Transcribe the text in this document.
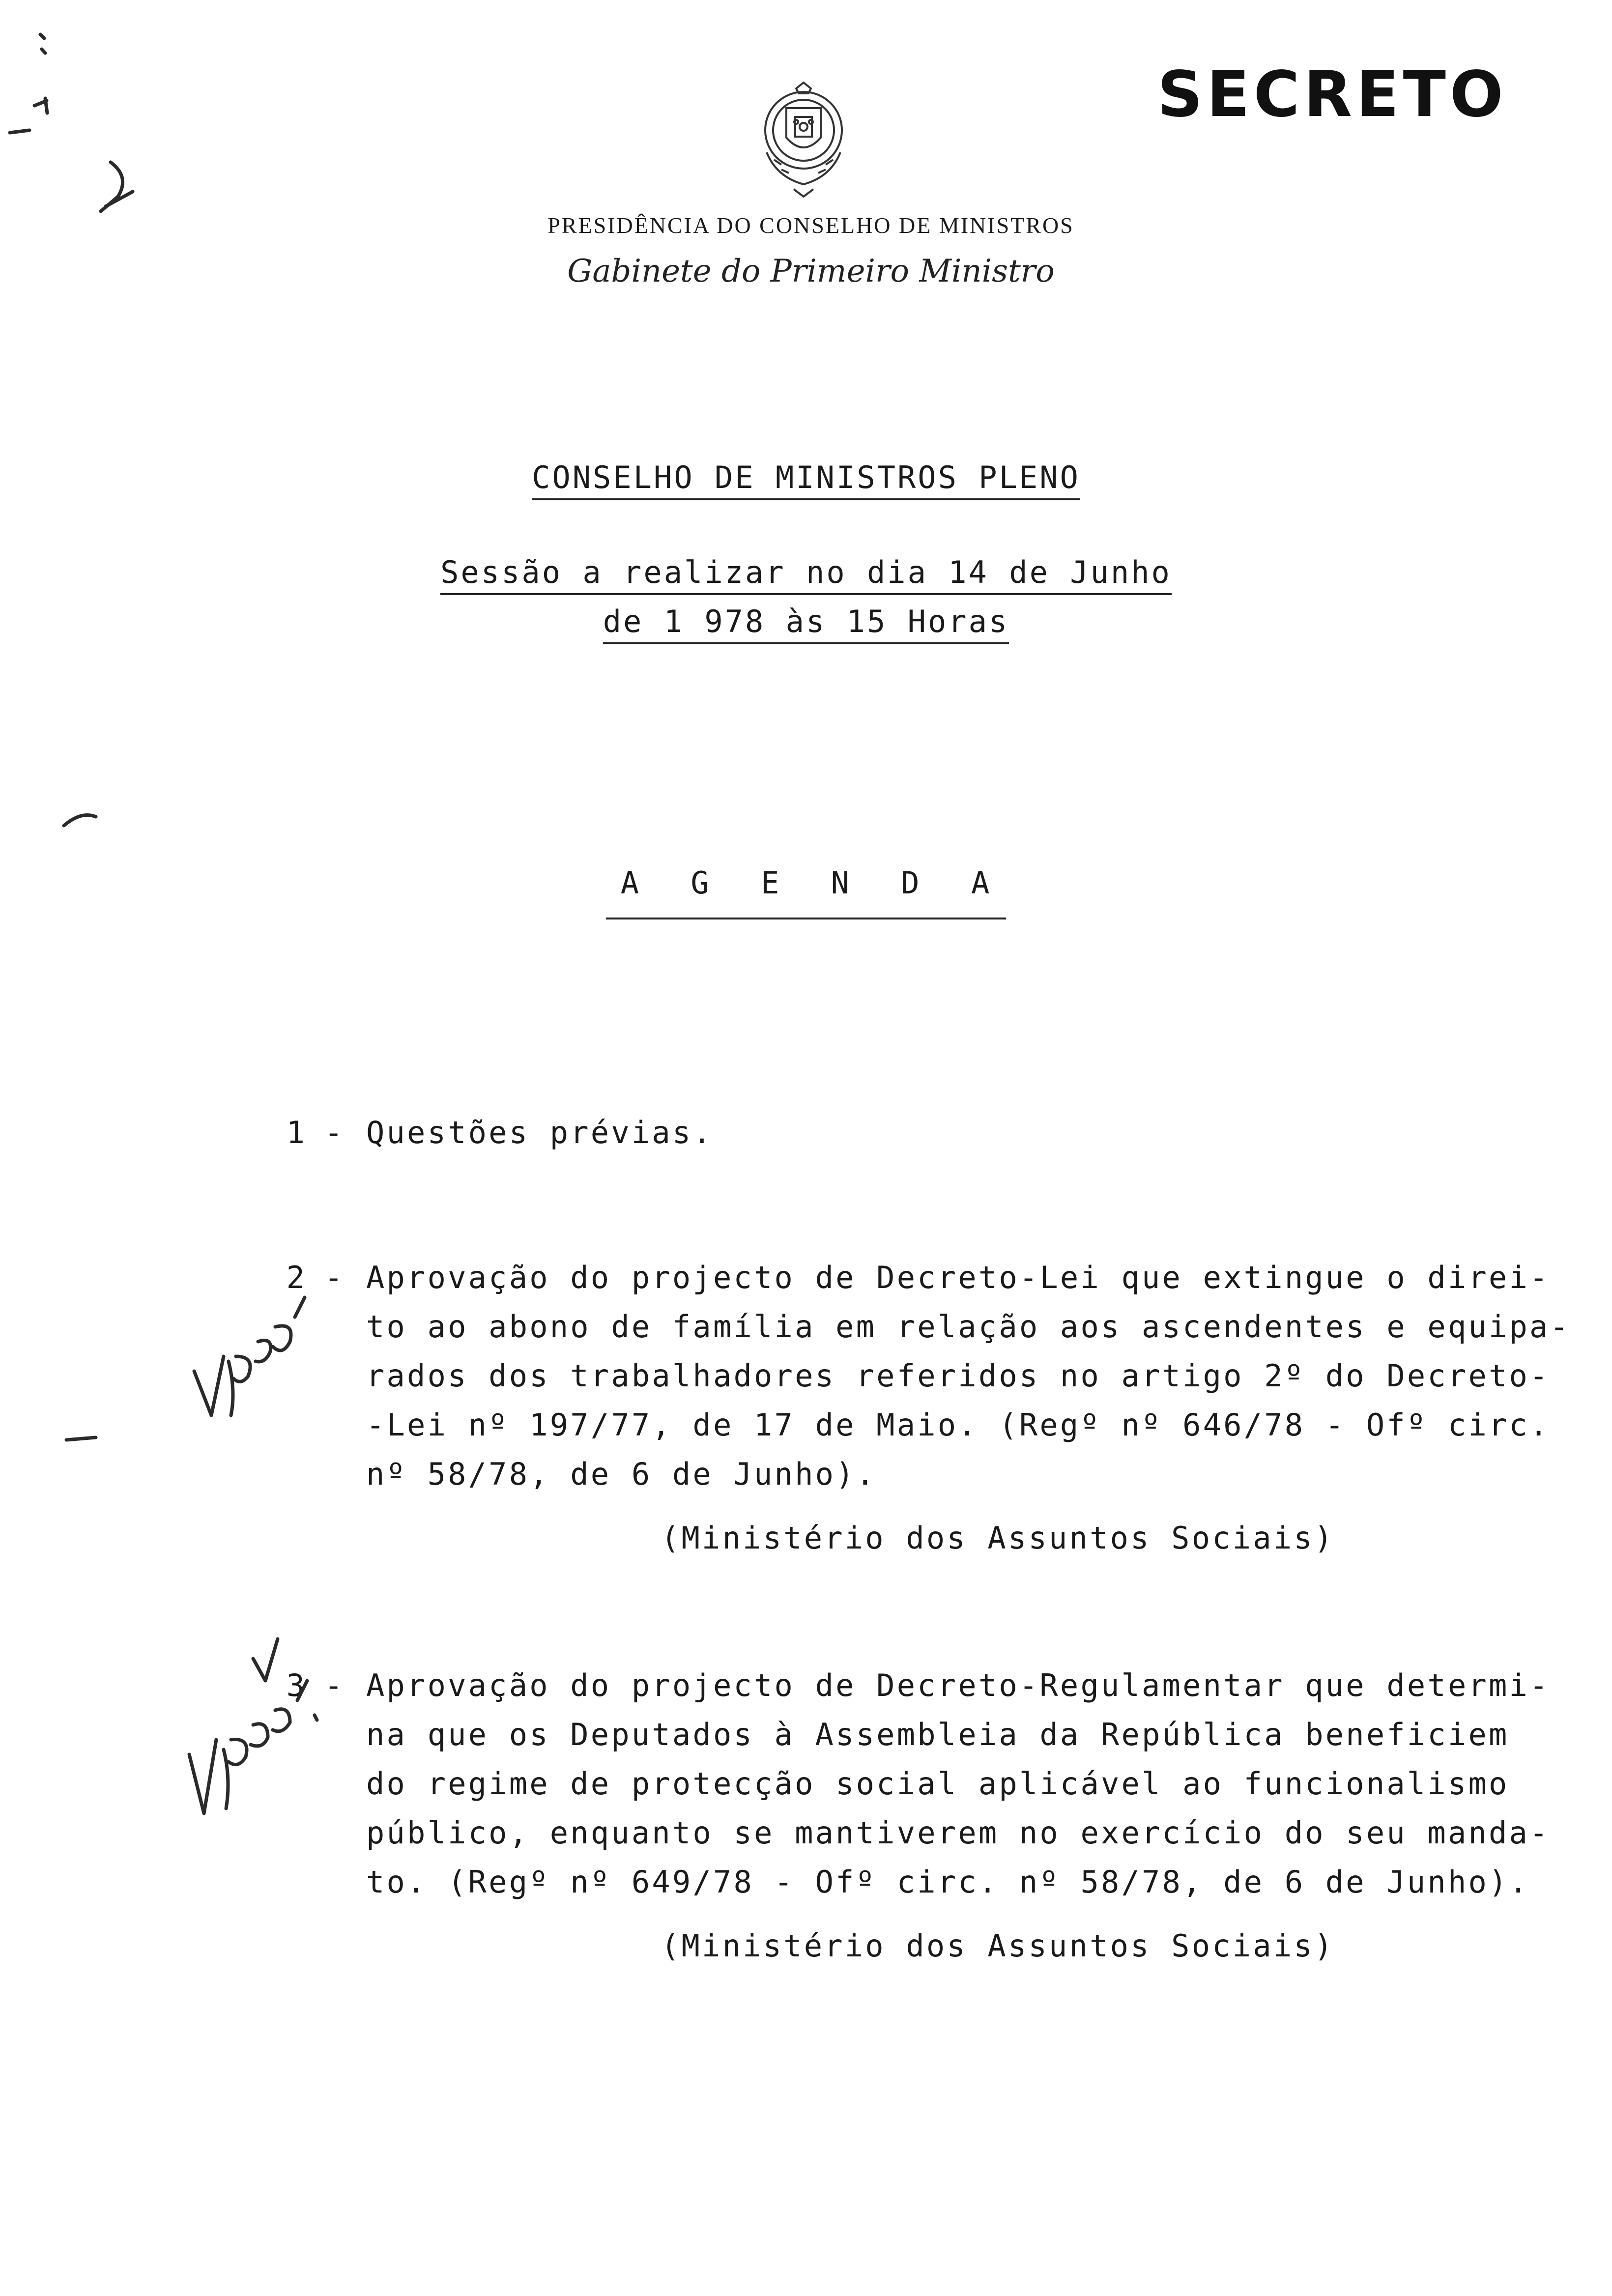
SECRETO
PRESIDÊNCIA DO CONSELHO DE MINISTROS
Gabinete do Primeiro Ministro
CONSELHO DE MINISTROS PLENO
Sessão a realizar no dia 14 de Junho
de 1 978 às 15 Horas
A G E N D A
1 - Questões prévias.
2 - Aprovação do projecto de Decreto-Lei que extingue o direi-
to ao abono de família em relação aos ascendentes e equipa-
rados dos trabalhadores referidos no artigo 2º do Decreto-
-Lei nº 197/77, de 17 de Maio. (Regº nº 646/78 - Ofº circ.
nº 58/78, de 6 de Junho).
(Ministério dos Assuntos Sociais)
3 - Aprovação do projecto de Decreto-Regulamentar que determi-
na que os Deputados à Assembleia da República beneficiem
do regime de protecção social aplicável ao funcionalismo
público, enquanto se mantiverem no exercício do seu manda-
to. (Regº nº 649/78 - Ofº circ. nº 58/78, de 6 de Junho).
(Ministério dos Assuntos Sociais)
